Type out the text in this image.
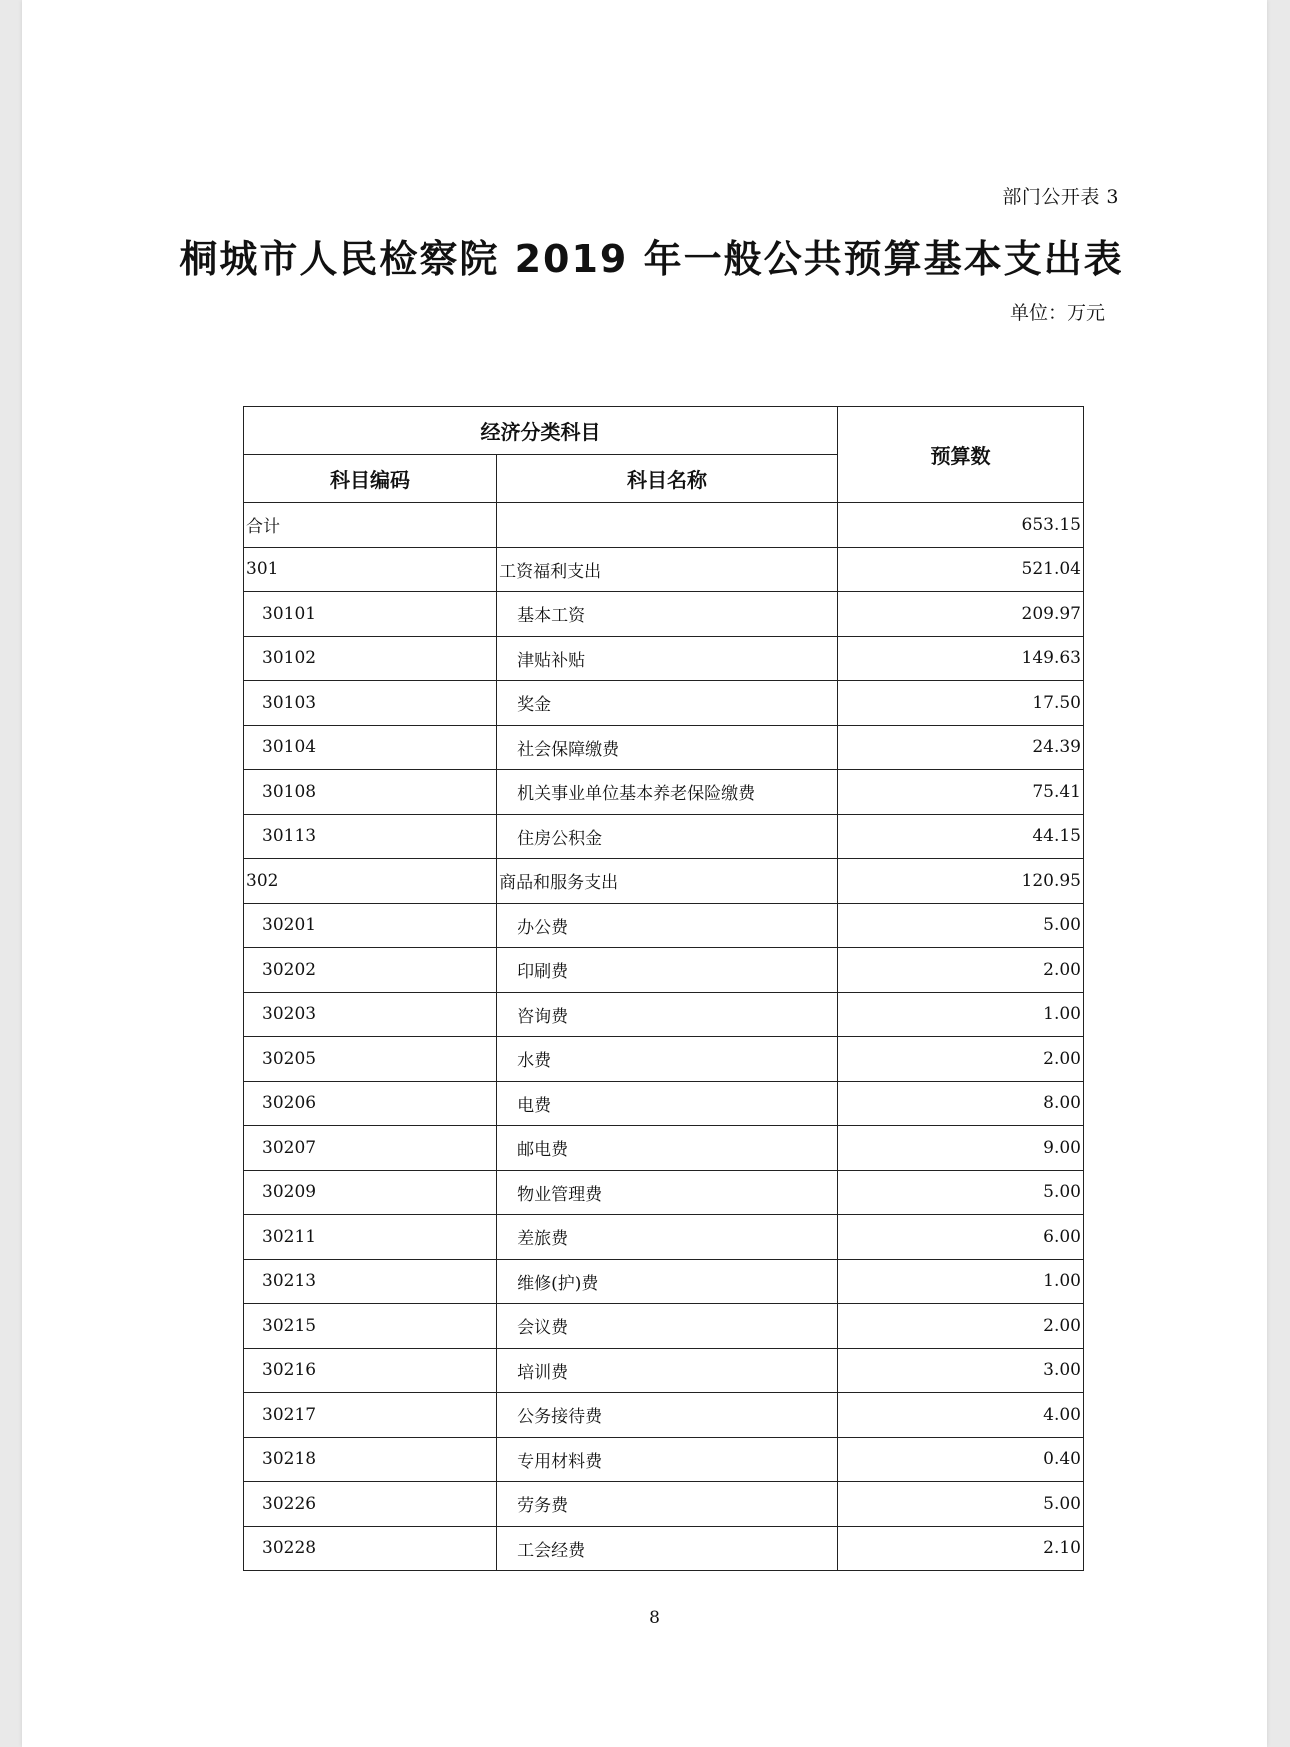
部门公开表 3
桐城市人民检察院 2019 年一般公共预算基本支出表
单位：万元
经济分类科目		预算数
科目编码	科目名称	
合计		653.15
301	工资福利支出	521.04
30101	基本工资	209.97
30102	津贴补贴	149.63
30103	奖金	17.50
30104	社会保障缴费	24.39
30108	机关事业单位基本养老保险缴费	75.41
30113	住房公积金	44.15
302	商品和服务支出	120.95
30201	办公费	5.00
30202	印刷费	2.00
30203	咨询费	1.00
30205	水费	2.00
30206	电费	8.00
30207	邮电费	9.00
30209	物业管理费	5.00
30211	差旅费	6.00
30213	维修(护)费	1.00
30215	会议费	2.00
30216	培训费	3.00
30217	公务接待费	4.00
30218	专用材料费	0.40
30226	劳务费	5.00
30228	工会经费	2.10
8
